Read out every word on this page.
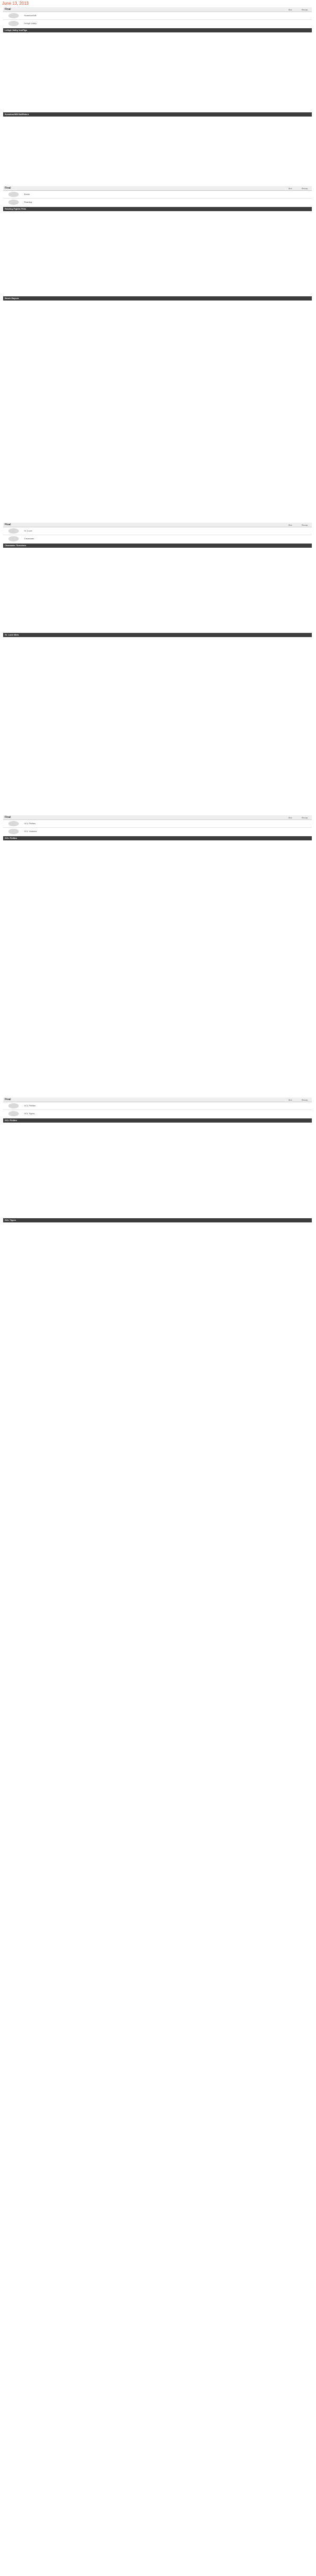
June 13, 2013
Final	Box	Recap
Scranton/WB	

Lehigh Valley	
Lehigh Valley IronPigs
Scranton/WB RailRiders
Final	Box	Recap
Bowie	

Reading	
Reading Fightin Phils
Bowie Baysox
Final	Box	Recap
St. Lucie	

Clearwater	
Clearwater Threshers
St. Lucie Mets
Final	Box	Recap
GCL Phillies	

GCL Yankees	
GCL Phillies
Final	Box	Recap
GCL Phillies	

GCL Tigers	
GCL Phillies
GCL Tigers
